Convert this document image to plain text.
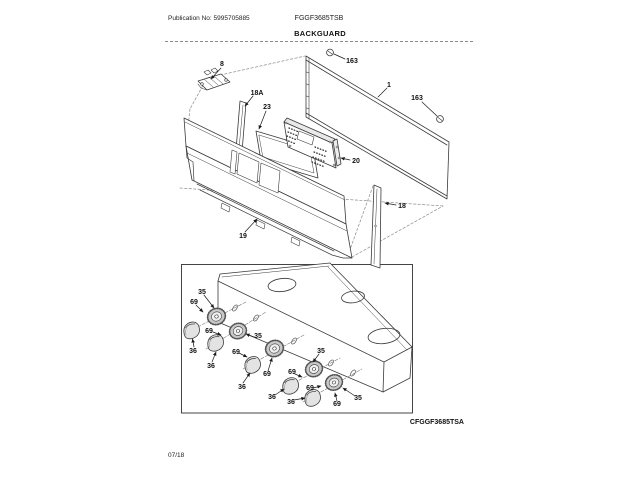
Publication No: 5995705885	FGGF3685TSB
BACKGUARD
8
18A
23
163
1
163
20
18
19
35
69
69
36
36
69
35
69
36
35
69
36
69
36
35
69
CFGGF3685TSA
07/18
